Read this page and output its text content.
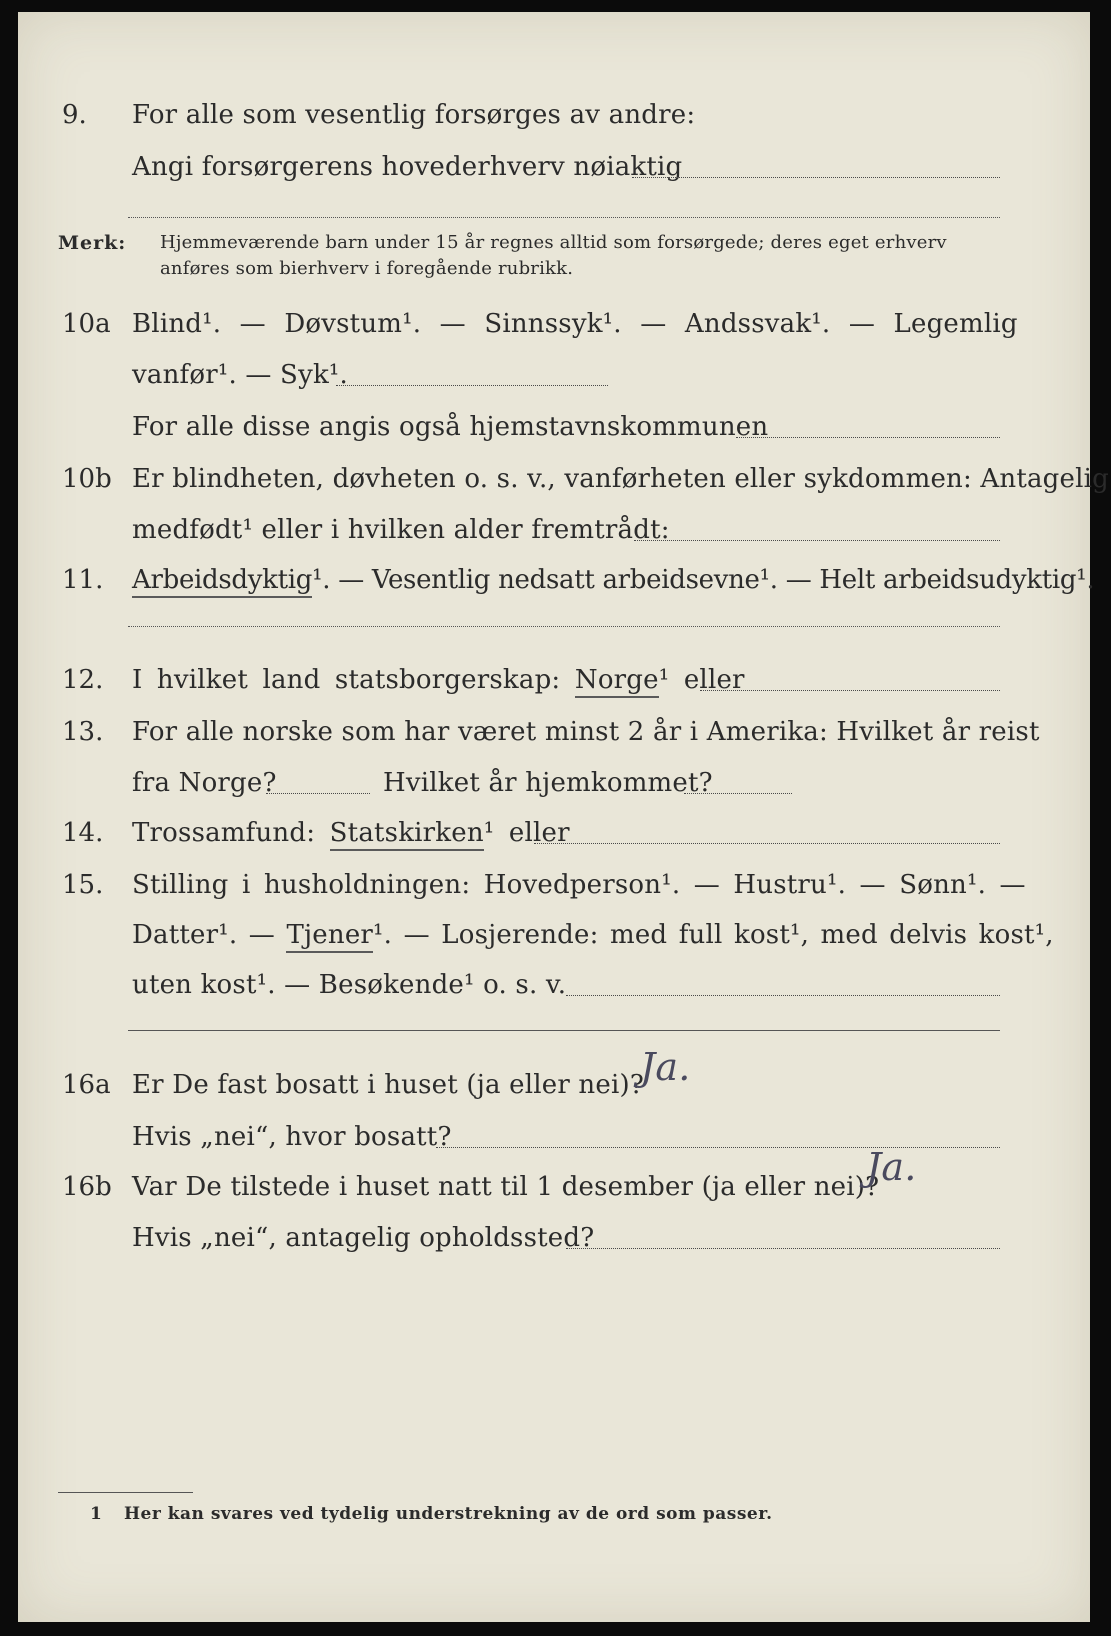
9. For alle som vesentlig forsørges av andre:
Angi forsørgerens hovederhverv nøiaktig
Merk: Hjemmeværende barn under 15 år regnes alltid som forsørgede; deres eget erhverv
anføres som bierhverv i foregående rubrikk.
10a Blind¹. — Døvstum¹. — Sinnssyk¹. — Andssvak¹. — Legemlig
vanfør¹. — Syk¹.
For alle disse angis også hjemstavnskommunen
10b Er blindheten, døvheten o. s. v., vanførheten eller sykdommen: Antagelig
medfødt¹ eller i hvilken alder fremtrådt:
11. Arbeidsdyktig¹. — Vesentlig nedsatt arbeidsevne¹. — Helt arbeidsudyktig¹.
12. I hvilket land statsborgerskap: Norge¹ eller
13. For alle norske som har været minst 2 år i Amerika: Hvilket år reist
fra Norge?	Hvilket år hjemkommet?
14. Trossamfund: Statskirken¹ eller
15. Stilling i husholdningen: Hovedperson¹. — Hustru¹. — Sønn¹. —
Datter¹. — Tjener¹. — Losjerende: med full kost¹, med delvis kost¹,
uten kost¹. — Besøkende¹ o. s. v.
16a Er De fast bosatt i huset (ja eller nei)?
Ja.
Hvis „nei“, hvor bosatt?
16b Var De tilstede i huset natt til 1 desember (ja eller nei)?
Ja.
Hvis „nei“, antagelig opholdssted?
1 Her kan svares ved tydelig understrekning av de ord som passer.
